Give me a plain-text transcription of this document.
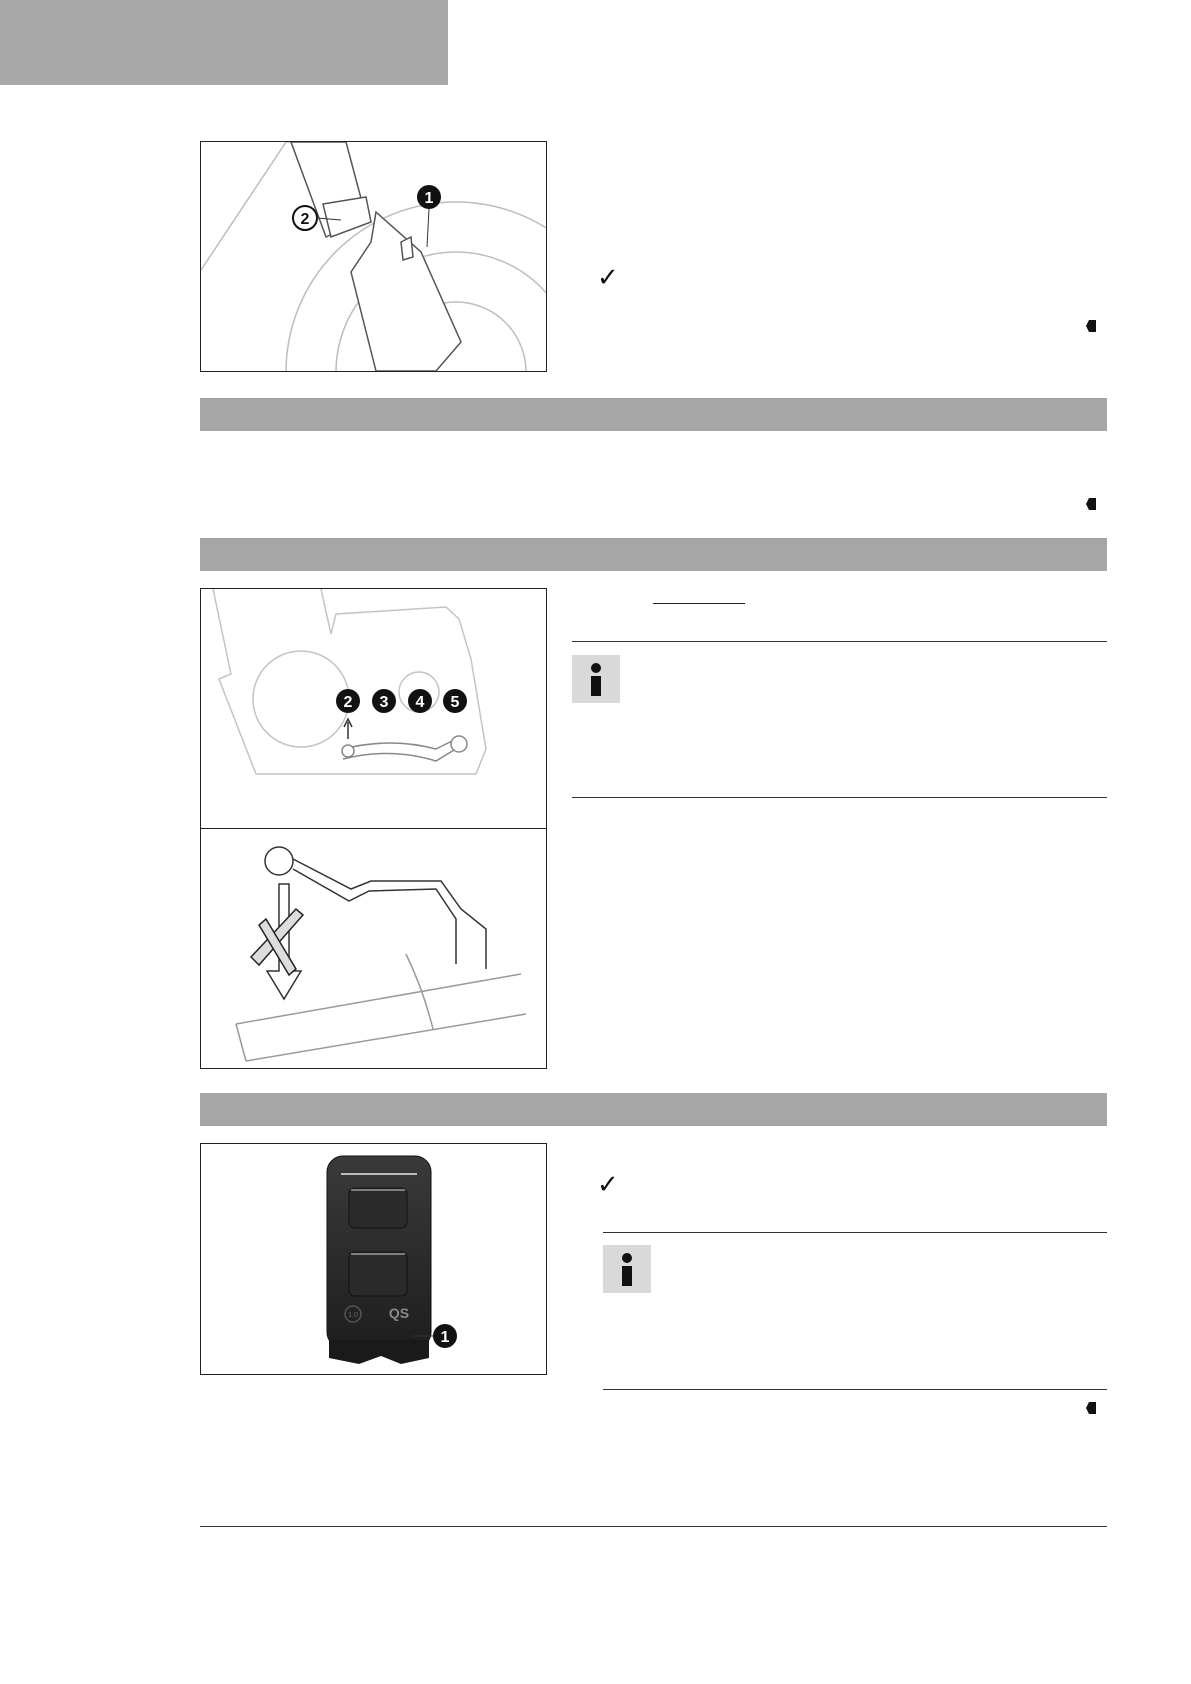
1
2
✓
2 3 4 5
1.0 QS
1
✓
